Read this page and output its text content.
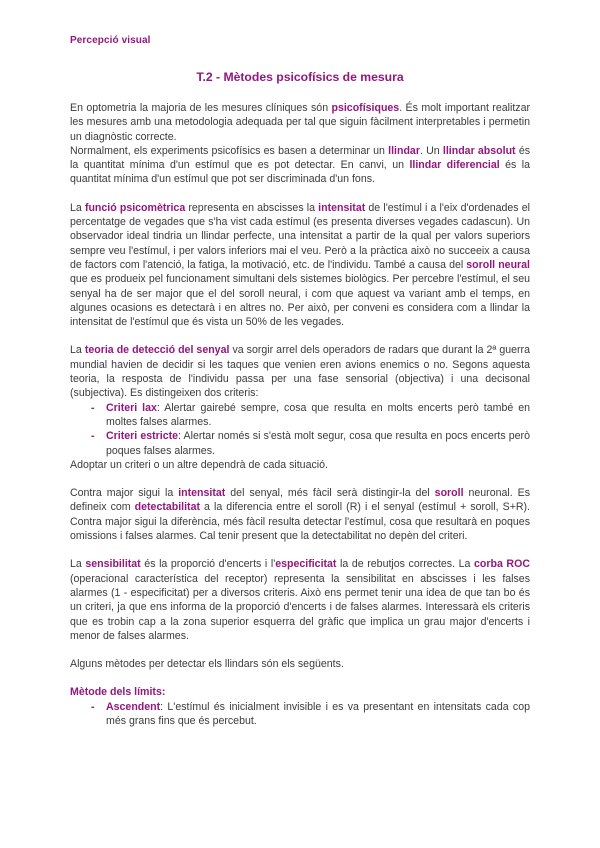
Percepció visual
T.2 - Mètodes psicofísics de mesura
En optometria la majoria de les mesures clíniques són psicofísiques. És molt important realitzar les mesures amb una metodologia adequada per tal que siguin fàcilment interpretables i permetin un diagnòstic correcte.
Normalment, els experiments psicofísics es basen a determinar un llindar. Un llindar absolut és la quantitat mínima d'un estímul que es pot detectar. En canvi, un llindar diferencial és la quantitat mínima d'un estímul que pot ser discriminada d'un fons.
La funció psicomètrica representa en abscisses la intensitat de l'estímul i a l'eix d'ordenades el percentatge de vegades que s'ha vist cada estímul (es presenta diverses vegades cadascun). Un observador ideal tindria un llindar perfecte, una intensitat a partir de la qual per valors superiors sempre veu l'estímul, i per valors inferiors mai el veu. Però a la pràctica això no succeeix a causa de factors com l'atenció, la fatiga, la motivació, etc. de l'individu. També a causa del soroll neural que es produeix pel funcionament simultani dels sistemes biològics. Per percebre l'estímul, el seu senyal ha de ser major que el del soroll neural, i com que aquest va variant amb el temps, en algunes ocasions es detectarà i en altres no. Per això, per conveni es considera com a llindar la intensitat de l'estímul que és vista un 50% de les vegades.
La teoria de detecció del senyal va sorgir arrel dels operadors de radars que durant la 2ª guerra mundial havien de decidir si les taques que venien eren avions enemics o no. Segons aquesta teoria, la resposta de l'individu passa per una fase sensorial (objectiva) i una decisonal (subjectiva). Es distingeixen dos criteris:
-	Criteri lax: Alertar gairebé sempre, cosa que resulta en molts encerts però també en moltes falses alarmes.
-	Criteri estricte: Alertar només si s'està molt segur, cosa que resulta en pocs encerts però poques falses alarmes.
Adoptar un criteri o un altre dependrà de cada situació.
Contra major sigui la intensitat del senyal, més fàcil serà distingir-la del soroll neuronal. Es defineix com detectabilitat a la diferencia entre el soroll (R) i el senyal (estímul + soroll, S+R). Contra major sigui la diferència, més fàcil resulta detectar l'estímul, cosa que resultarà en poques omissions i falses alarmes. Cal tenir present que la detectabilitat no depèn del criteri.
La sensibilitat és la proporció d'encerts i l'especificitat la de rebutjos correctes. La corba ROC (operacional característica del receptor) representa la sensibilitat en abscisses i les falses alarmes (1 - especificitat) per a diversos criteris. Això ens permet tenir una idea de que tan bo és un criteri, ja que ens informa de la proporció d'encerts i de falses alarmes. Interessarà els criteris que es trobin cap a la zona superior esquerra del gràfic que implica un grau major d'encerts i menor de falses alarmes.
Alguns mètodes per detectar els llindars són els següents.
Mètode dels límits:
-	Ascendent: L'estímul és inicialment invisible i es va presentant en intensitats cada cop més grans fins que és percebut.
